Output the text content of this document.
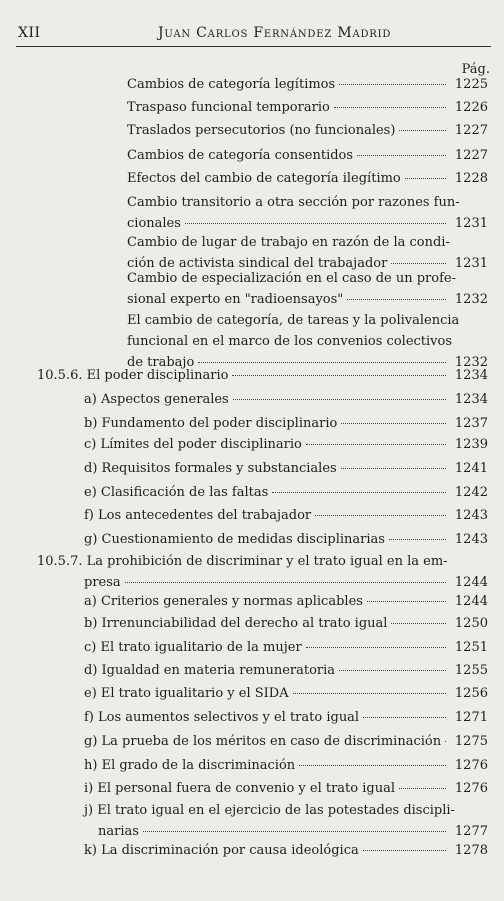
XII	Juan Carlos Fernández Madrid
Pág.
Cambios de categoría legítimos	1225
Traspaso funcional temporario	1226
Traslados persecutorios (no funcionales)	1227
Cambios de categoría consentidos	1227
Efectos del cambio de categoría ilegítimo	1228
Cambio transitorio a otra sección por razones fun-
cionales	1231
Cambio de lugar de trabajo en razón de la condi-
ción de activista sindical del trabajador	1231
Cambio de especialización en el caso de un profe-
sional experto en "radioensayos"	1232
El cambio de categoría, de tareas y la polivalencia
funcional en el marco de los convenios colectivos
de trabajo	1232
10.5.6. El poder disciplinario	1234
a) Aspectos generales	1234
b) Fundamento del poder disciplinario	1237
c) Límites del poder disciplinario	1239
d) Requisitos formales y substanciales	1241
e) Clasificación de las faltas	1242
f) Los antecedentes del trabajador	1243
g) Cuestionamiento de medidas disciplinarias	1243
10.5.7. La prohibición de discriminar y el trato igual en la em-
presa	1244
a) Criterios generales y normas aplicables	1244
b) Irrenunciabilidad del derecho al trato igual	1250
c) El trato igualitario de la mujer	1251
d) Igualdad en materia remuneratoria	1255
e) El trato igualitario y el SIDA	1256
f) Los aumentos selectivos y el trato igual	1271
g) La prueba de los méritos en caso de discriminación	1275
h) El grado de la discriminación	1276
i) El personal fuera de convenio y el trato igual	1276
j) El trato igual en el ejercicio de las potestades discipli-
narias	1277
k) La discriminación por causa ideológica	1278
